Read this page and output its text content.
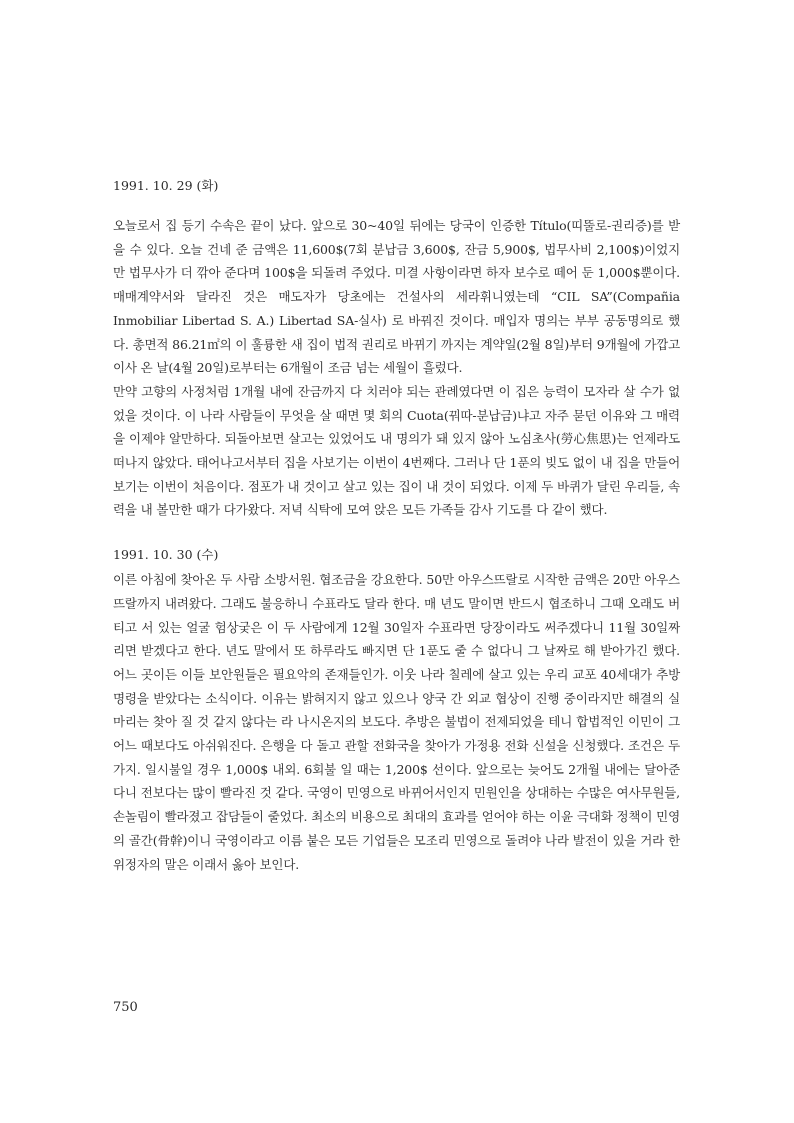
1991. 10. 29 (화)

오늘로서 집 등기 수속은 끝이 났다. 앞으로 30~40일 뒤에는 당국이 인증한 Título(띠뚤로-권리증)를 받을 수 있다. 오늘 건네 준 금액은 11,600$(7회 분납금 3,600$, 잔금 5,900$, 법무사비 2,100$)이었지만 법무사가 더 깎아 준다며 100$을 되돌려 주었다. 미결 사항이라면 하자 보수로 떼어 둔 1,000$뿐이다. 매매계약서와 달라진 것은 매도자가 당초에는 건설사의 세라휘니였는데 “CIL SA”(Compañia Inmobiliar Libertad S. A.) Libertad SA-실사) 로 바꿔진 것이다. 매입자 명의는 부부 공동명의로 했다. 총면적 86.21㎡의 이 훌륭한 새 집이 법적 권리로 바뀌기 까지는 계약일(2월 8일)부터 9개월에 가깝고 이사 온 날(4월 20일)로부터는 6개월이 조금 넘는 세월이 흘렀다.

만약 고향의 사정처럼 1개월 내에 잔금까지 다 치러야 되는 관례였다면 이 집은 능력이 모자라 살 수가 없었을 것이다. 이 나라 사람들이 무엇을 살 때면 몇 회의 Cuota(꿔따-분납금)냐고 자주 묻던 이유와 그 매력을 이제야 알만하다. 되돌아보면 살고는 있었어도 내 명의가 돼 있지 않아 노심초사(勞心焦思)는 언제라도 떠나지 않았다. 태어나고서부터 집을 사보기는 이번이 4번째다. 그러나 단 1푼의 빚도 없이 내 집을 만들어 보기는 이번이 처음이다. 점포가 내 것이고 살고 있는 집이 내 것이 되었다. 이제 두 바퀴가 달린 우리들, 속력을 내 볼만한 때가 다가왔다. 저녁 식탁에 모여 앉은 모든 가족들 감사 기도를 다 같이 했다.

1991. 10. 30 (수)

이른 아침에 찾아온 두 사람 소방서원. 협조금을 강요한다. 50만 아우스뜨랄로 시작한 금액은 20만 아우스뜨랄까지 내려왔다. 그래도 불응하니 수표라도 달라 한다. 매 년도 말이면 반드시 협조하니 그때 오래도 버티고 서 있는 얼굴 험상궂은 이 두 사람에게 12월 30일자 수표라면 당장이라도 써주겠다니 11월 30일짜리면 받겠다고 한다. 년도 말에서 또 하루라도 빠지면 단 1푼도 줄 수 없다니 그 날짜로 해 받아가긴 했다. 어느 곳이든 이들 보안원들은 필요악의 존재들인가. 이웃 나라 칠레에 살고 있는 우리 교포 40세대가 추방 명령을 받았다는 소식이다. 이유는 밝혀지지 않고 있으나 양국 간 외교 협상이 진행 중이라지만 해결의 실마리는 찾아 질 것 같지 않다는 라 나시온지의 보도다. 추방은 불법이 전제되었을 테니 합법적인 이민이 그 어느 때보다도 아쉬워진다. 은행을 다 돌고 관할 전화국을 찾아가 가정용 전화 신설을 신청했다. 조건은 두 가지. 일시불일 경우 1,000$ 내외. 6회불 일 때는 1,200$ 선이다. 앞으로는 늦어도 2개월 내에는 달아준다니 전보다는 많이 빨라진 것 같다. 국영이 민영으로 바뀌어서인지 민원인을 상대하는 수많은 여사무원들, 손놀림이 빨라졌고 잡담들이 줄었다. 최소의 비용으로 최대의 효과를 얻어야 하는 이윤 극대화 정책이 민영의 골간(骨幹)이니 국영이라고 이름 붙은 모든 기업들은 모조리 민영으로 돌려야 나라 발전이 있을 거라 한 위정자의 말은 이래서 옳아 보인다.

750
